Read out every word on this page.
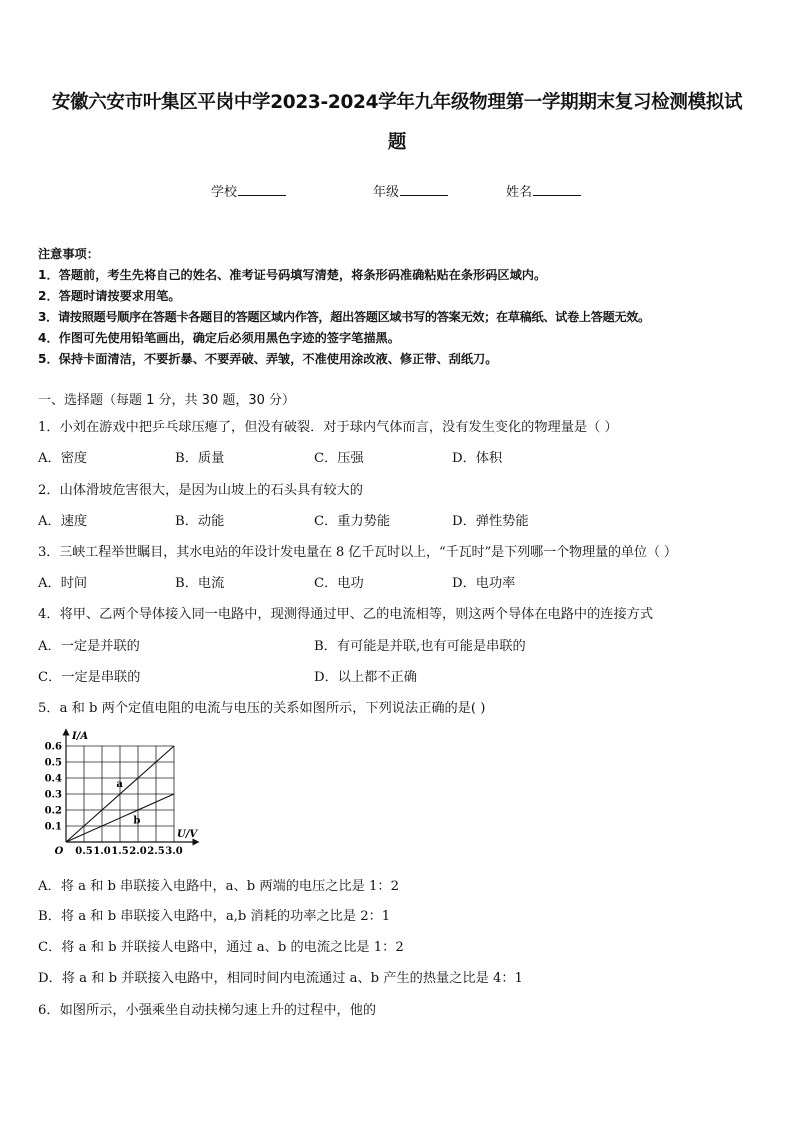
安徽六安市叶集区平岗中学2023-2024学年九年级物理第一学期期末复习检测模拟试
题
学校	年级	姓名
注意事项：
1．答题前，考生先将自己的姓名、准考证号码填写清楚，将条形码准确粘贴在条形码区域内。
2．答题时请按要求用笔。
3．请按照题号顺序在答题卡各题目的答题区域内作答，超出答题区域书写的答案无效；在草稿纸、试卷上答题无效。
4．作图可先使用铅笔画出，确定后必须用黑色字迹的签字笔描黑。
5．保持卡面清洁，不要折暴、不要弄破、弄皱，不准使用涂改液、修正带、刮纸刀。
一、选择题（每题 1 分，共 30 题，30 分）
1．小刘在游戏中把乒乓球压瘪了，但没有破裂．对于球内气体而言，没有发生变化的物理量是（ ）
A．密度	B．质量	C．压强	D．体积
2．山体滑坡危害很大，是因为山坡上的石头具有较大的
A．速度	B．动能	C．重力势能	D．弹性势能
3．三峡工程举世瞩目，其水电站的年设计发电量在 8 亿千瓦时以上，“千瓦时”是下列哪一个物理量的单位（ ）
A．时间	B．电流	C．电功	D．电功率
4．将甲、乙两个导体接入同一电路中，现测得通过甲、乙的电流相等，则这两个导体在电路中的连接方式
A．一定是并联的	B．有可能是并联,也有可能是串联的
C．一定是串联的	D．以上都不正确
5．a 和 b 两个定值电阻的电流与电压的关系如图所示，下列说法正确的是( )
0.5 1.0 1.5 2.0 2.5 3.0
0.1
0.2
0.3
0.4
0.5
0.6
O
I/A
U/V
a
b
A．将 a 和 b 串联接入电路中，a、b 两端的电压之比是 1：2
B．将 a 和 b 串联接入电路中，a,b 消耗的功率之比是 2：1
C．将 a 和 b 并联接人电路中，通过 a、b 的电流之比是 1：2
D．将 a 和 b 并联接入电路中，相同时间内电流通过 a、b 产生的热量之比是 4：1
6．如图所示，小强乘坐自动扶梯匀速上升的过程中，他的
